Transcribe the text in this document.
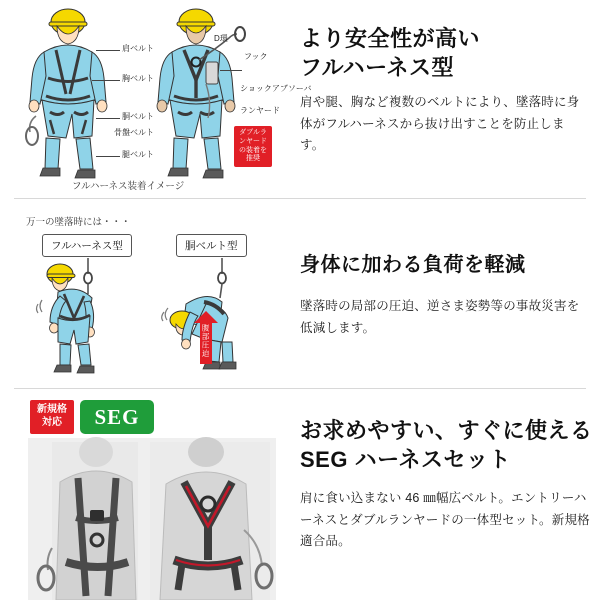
肩ベルト
胸ベルト
胴ベルト
骨盤ベルト
腿ベルト
D環
フック
ショックアブソーバ
ランヤード
ダブルランヤードの装着を推奨
フルハーネス装着イメージ
より安全性が高い
フルハーネス型
肩や腿、胸など複数のベルトにより、墜落時に身体がフルハーネスから抜け出すことを防止します。
万一の墜落時には・・・
フルハーネス型	胴ベルト型
腹部圧迫
身体に加わる負荷を軽減
墜落時の局部の圧迫、逆さま姿勢等の事故災害を低減します。
新規格
対応	SEG
お求めやすい、すぐに使える
SEG ハーネスセット
肩に食い込まない 46 ㎜幅広ベルト。エントリーハーネスとダブルランヤードの一体型セット。新規格適合品。
